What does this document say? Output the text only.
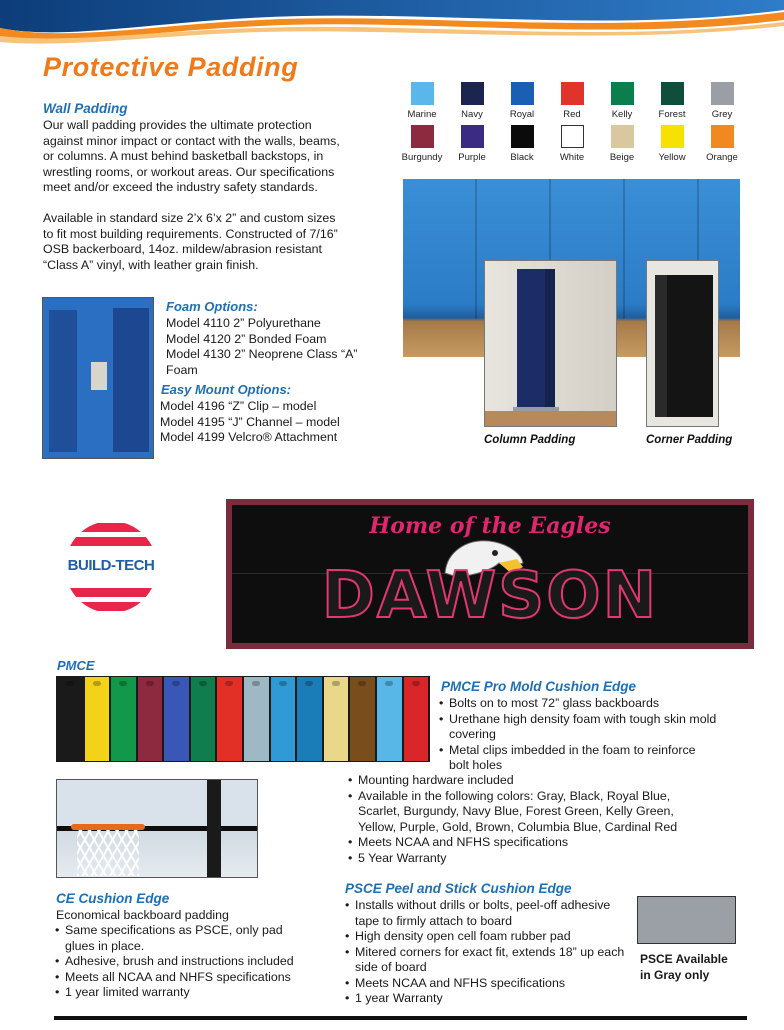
Protective Padding
Wall Padding
Our wall padding provides the ultimate protection against minor impact or contact with the walls, beams, or columns. A must behind basketball backstops, in wrestling rooms, or workout areas. Our specifications meet and/or exceed the industry safety standards.
Available in standard size 2’x 6’x 2” and custom sizes to fit most building requirements. Constructed of 7/16” OSB backerboard, 14oz. mildew/abrasion resistant “Class A” vinyl, with leather grain finish.
Marine	Navy	Royal	Red	Kelly	Forest	Grey
Burgundy	Purple	Black	White	Beige	Yellow	Orange
Column Padding	Corner Padding
Foam Options:
Model 4110 2” Polyurethane
Model 4120 2” Bonded Foam
Model 4130 2” Neoprene Class “A” Foam
Easy Mount Options:
Model 4196 “Z” Clip – model
Model 4195 “J” Channel – model
Model 4199 Velcro® Attachment
BUILD-TECH
Home of the Eagles
DAWSON
PMCE
PMCE Pro Mold Cushion Edge
• Bolts on to most 72” glass backboards
• Urethane high density foam with tough skin mold covering
• Metal clips imbedded in the foam to reinforce bolt holes
• Mounting hardware included
• Available in the following colors: Gray, Black, Royal Blue, Scarlet, Burgundy, Navy Blue, Forest Green, Kelly Green, Yellow, Purple, Gold, Brown, Columbia Blue, Cardinal Red
• Meets NCAA and NFHS specifications
• 5 Year Warranty
CE Cushion Edge
Economical backboard padding
• Same specifications as PSCE, only pad glues in place.
• Adhesive, brush and instructions included
• Meets all NCAA and NHFS specifications
• 1 year limited warranty
PSCE Peel and Stick Cushion Edge
• Installs without drills or bolts, peel-off adhesive tape to firmly attach to board
• High density open cell foam rubber pad
• Mitered corners for exact fit, extends 18” up each side of board
• Meets NCAA and NFHS specifications
• 1 year Warranty
PSCE Available
in Gray only
